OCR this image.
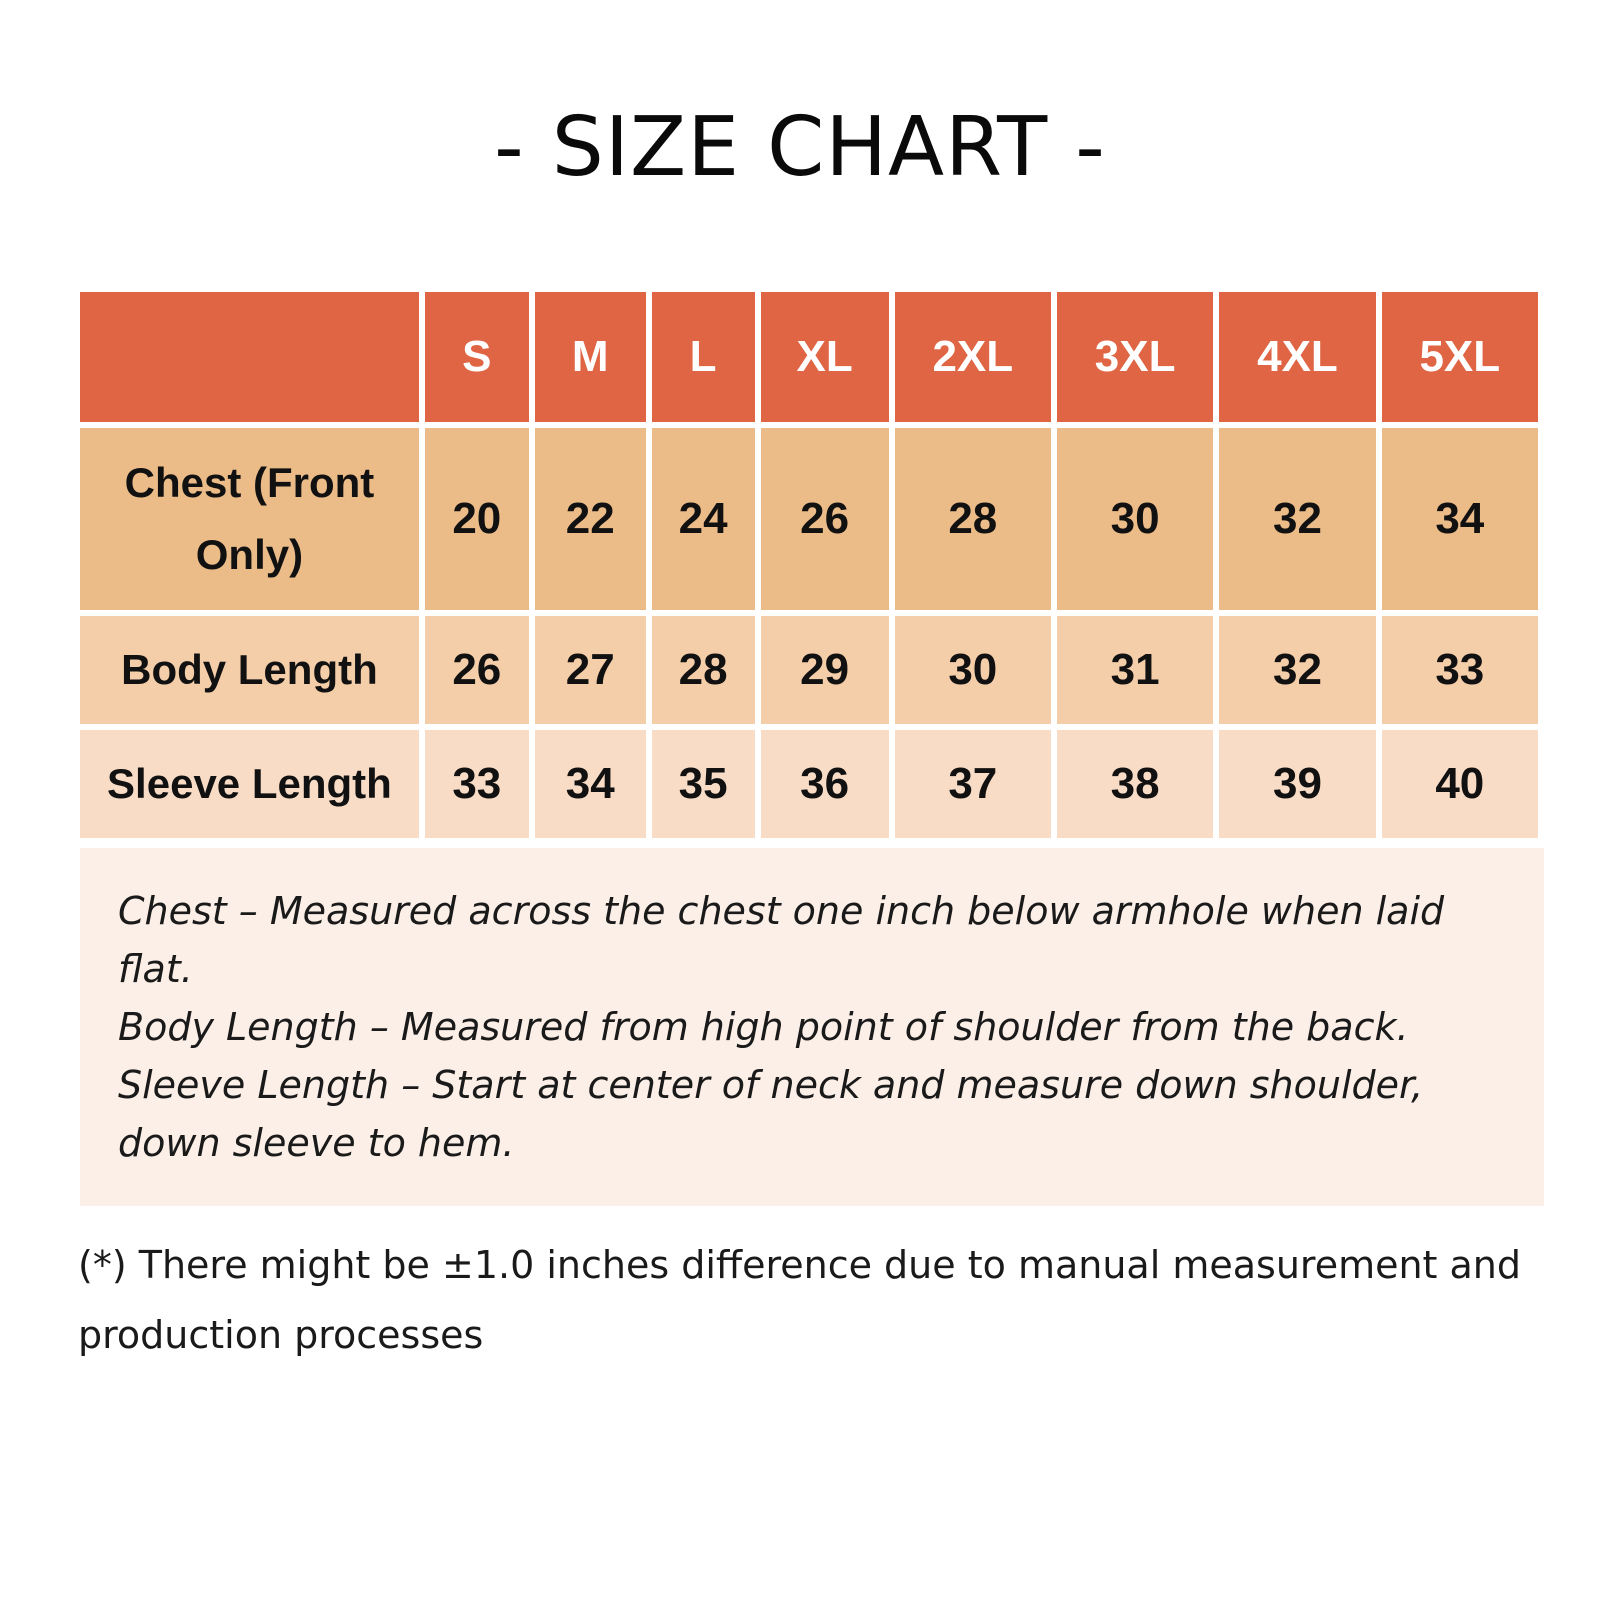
- SIZE CHART -
	S	M	L	XL	2XL	3XL	4XL	5XL
Chest (Front Only)	20	22	24	26	28	30	32	34
Body Length	26	27	28	29	30	31	32	33
Sleeve Length	33	34	35	36	37	38	39	40

Chest – Measured across the chest one inch below armhole when laid flat.

Body Length – Measured from high point of shoulder from the back.

Sleeve Length – Start at center of neck and measure down shoulder, down sleeve to hem.

(*) There might be ±1.0 inches difference due to manual measurement and production processes
